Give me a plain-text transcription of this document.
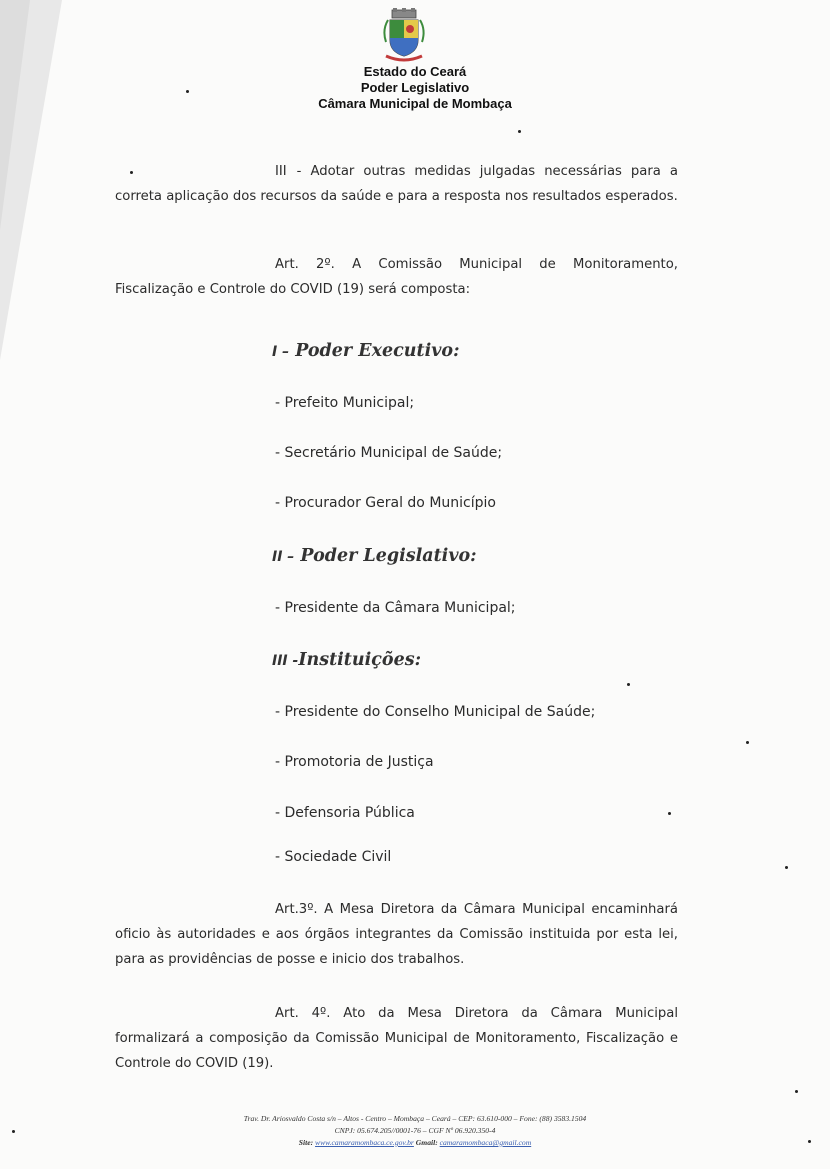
Estado do Ceará
Poder Legislativo
Câmara Municipal de Mombaça
III - Adotar outras medidas julgadas necessárias para a correta aplicação dos recursos da saúde e para a resposta nos resultados esperados.
Art. 2º. A Comissão Municipal de Monitoramento, Fiscalização e Controle do COVID (19) será composta:
I – Poder Executivo:
- Prefeito Municipal;
- Secretário Municipal de Saúde;
- Procurador Geral do Município
II – Poder Legislativo:
- Presidente da Câmara Municipal;
III -Instituições:
- Presidente do Conselho Municipal de Saúde;
- Promotoria de Justiça
- Defensoria Pública
- Sociedade Civil
Art.3º. A Mesa Diretora da Câmara Municipal encaminhará oficio às autoridades e aos órgãos integrantes da Comissão instituida por esta lei, para as providências de posse e inicio dos trabalhos.
Art. 4º. Ato da Mesa Diretora da Câmara Municipal formalizará a composição da Comissão Municipal de Monitoramento, Fiscalização e Controle do COVID (19).
Trav. Dr. Ariosvaldo Costa s/n – Altos - Centro – Mombaça – Ceará – CEP: 63.610-000 – Fone: (88) 3583.1504
CNPJ: 05.674.205//0001-76 – CGF Nº 06.920.350-4
Site: www.camaramombaca.ce.gov.br Gmail: camaramombaca@gmail.com
